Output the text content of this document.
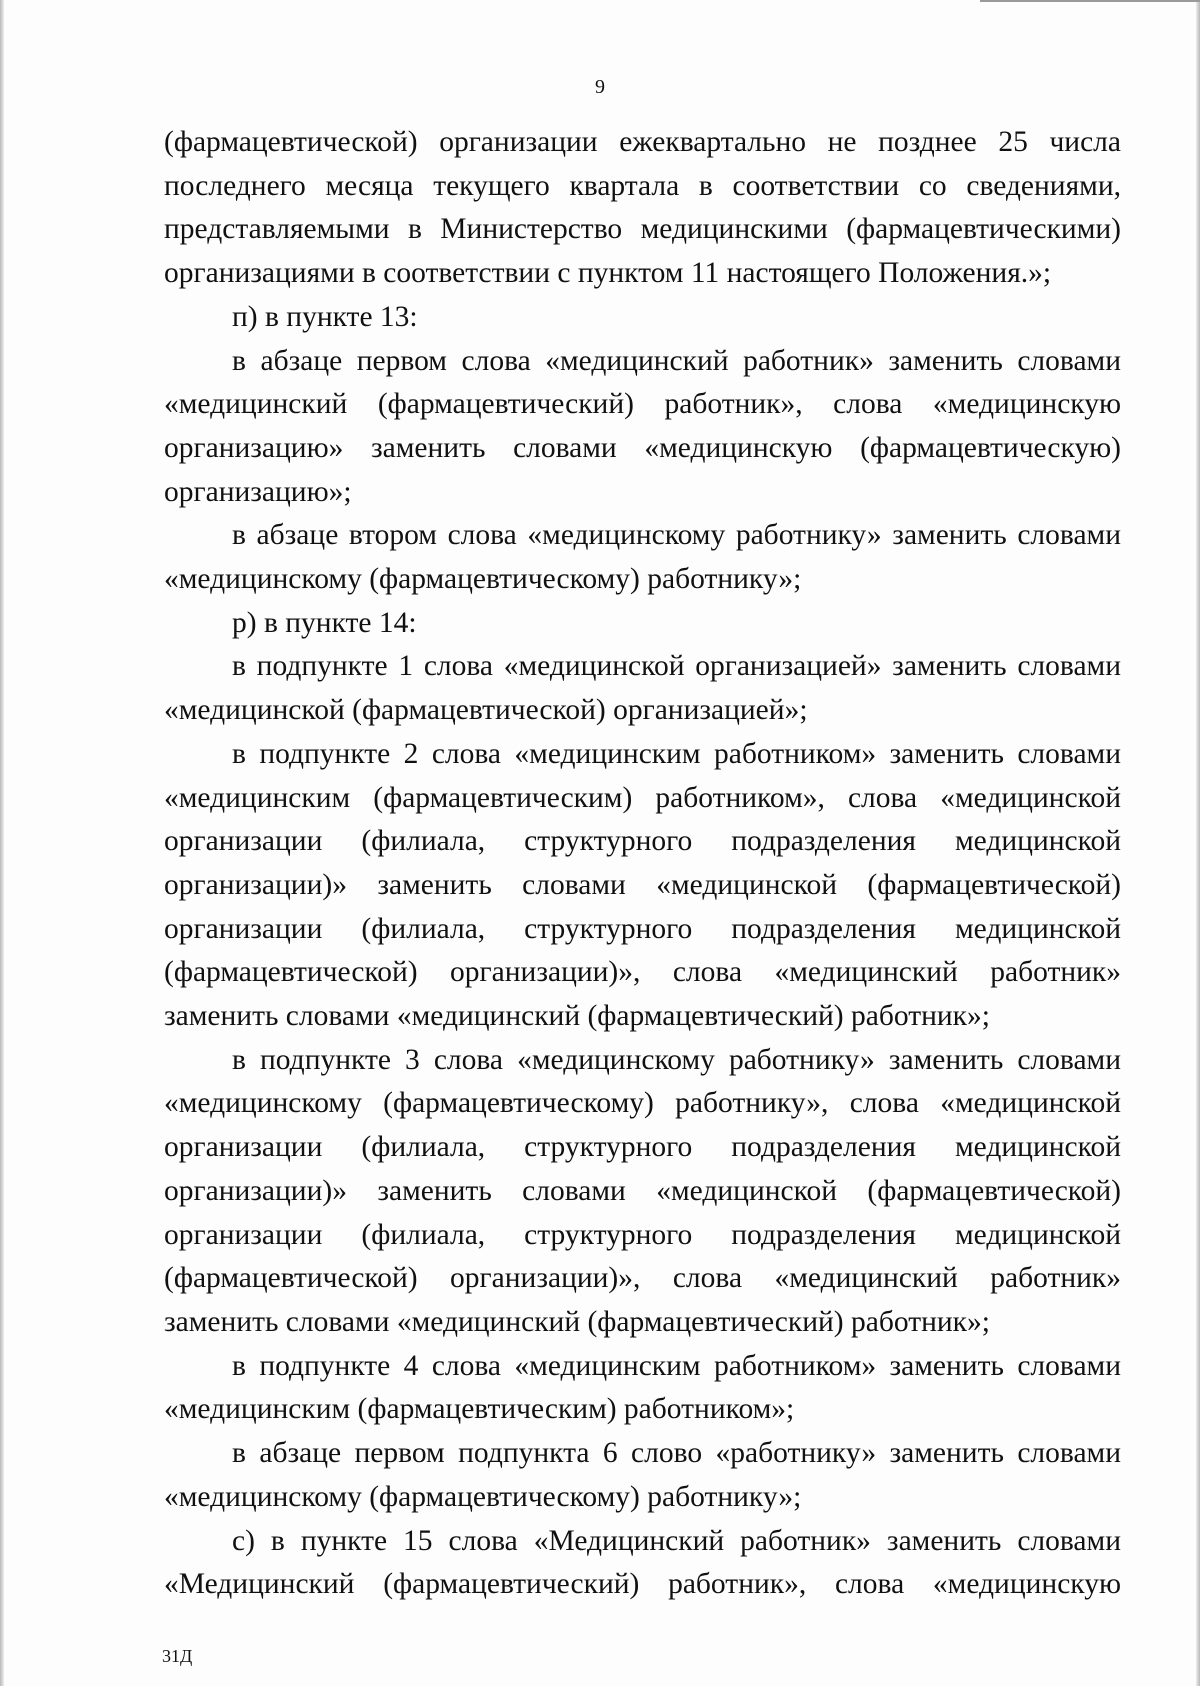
9

(фармацевтической) организации ежеквартально не позднее 25 числа последнего месяца текущего квартала в соответствии со сведениями, представляемыми в Министерство медицинскими (фармацевтическими) организациями в соответствии с пунктом 11 настоящего Положения.»;

п) в пункте 13:

в абзаце первом слова «медицинский работник» заменить словами «медицинский (фармацевтический) работник», слова «медицинскую организацию» заменить словами «медицинскую (фармацевтическую) организацию»;

в абзаце втором слова «медицинскому работнику» заменить словами «медицинскому (фармацевтическому) работнику»;

р) в пункте 14:

в подпункте 1 слова «медицинской организацией» заменить словами «медицинской (фармацевтической) организацией»;

в подпункте 2 слова «медицинским работником» заменить словами «медицинским (фармацевтическим) работником», слова «медицинской организации (филиала, структурного подразделения медицинской организации)» заменить словами «медицинской (фармацевтической) организации (филиала, структурного подразделения медицинской (фармацевтической) организации)», слова «медицинский работник» заменить словами «медицинский (фармацевтический) работник»;

в подпункте 3 слова «медицинскому работнику» заменить словами «медицинскому (фармацевтическому) работнику», слова «медицинской организации (филиала, структурного подразделения медицинской организации)» заменить словами «медицинской (фармацевтической) организации (филиала, структурного подразделения медицинской (фармацевтической) организации)», слова «медицинский работник» заменить словами «медицинский (фармацевтический) работник»;

в подпункте 4 слова «медицинским работником» заменить словами «медицинским (фармацевтическим) работником»;

в абзаце первом подпункта 6 слово «работнику» заменить словами «медицинскому (фармацевтическому) работнику»;

с) в пункте 15 слова «Медицинский работник» заменить словами «Медицинский (фармацевтический) работник», слова «медицинскую

31Д
